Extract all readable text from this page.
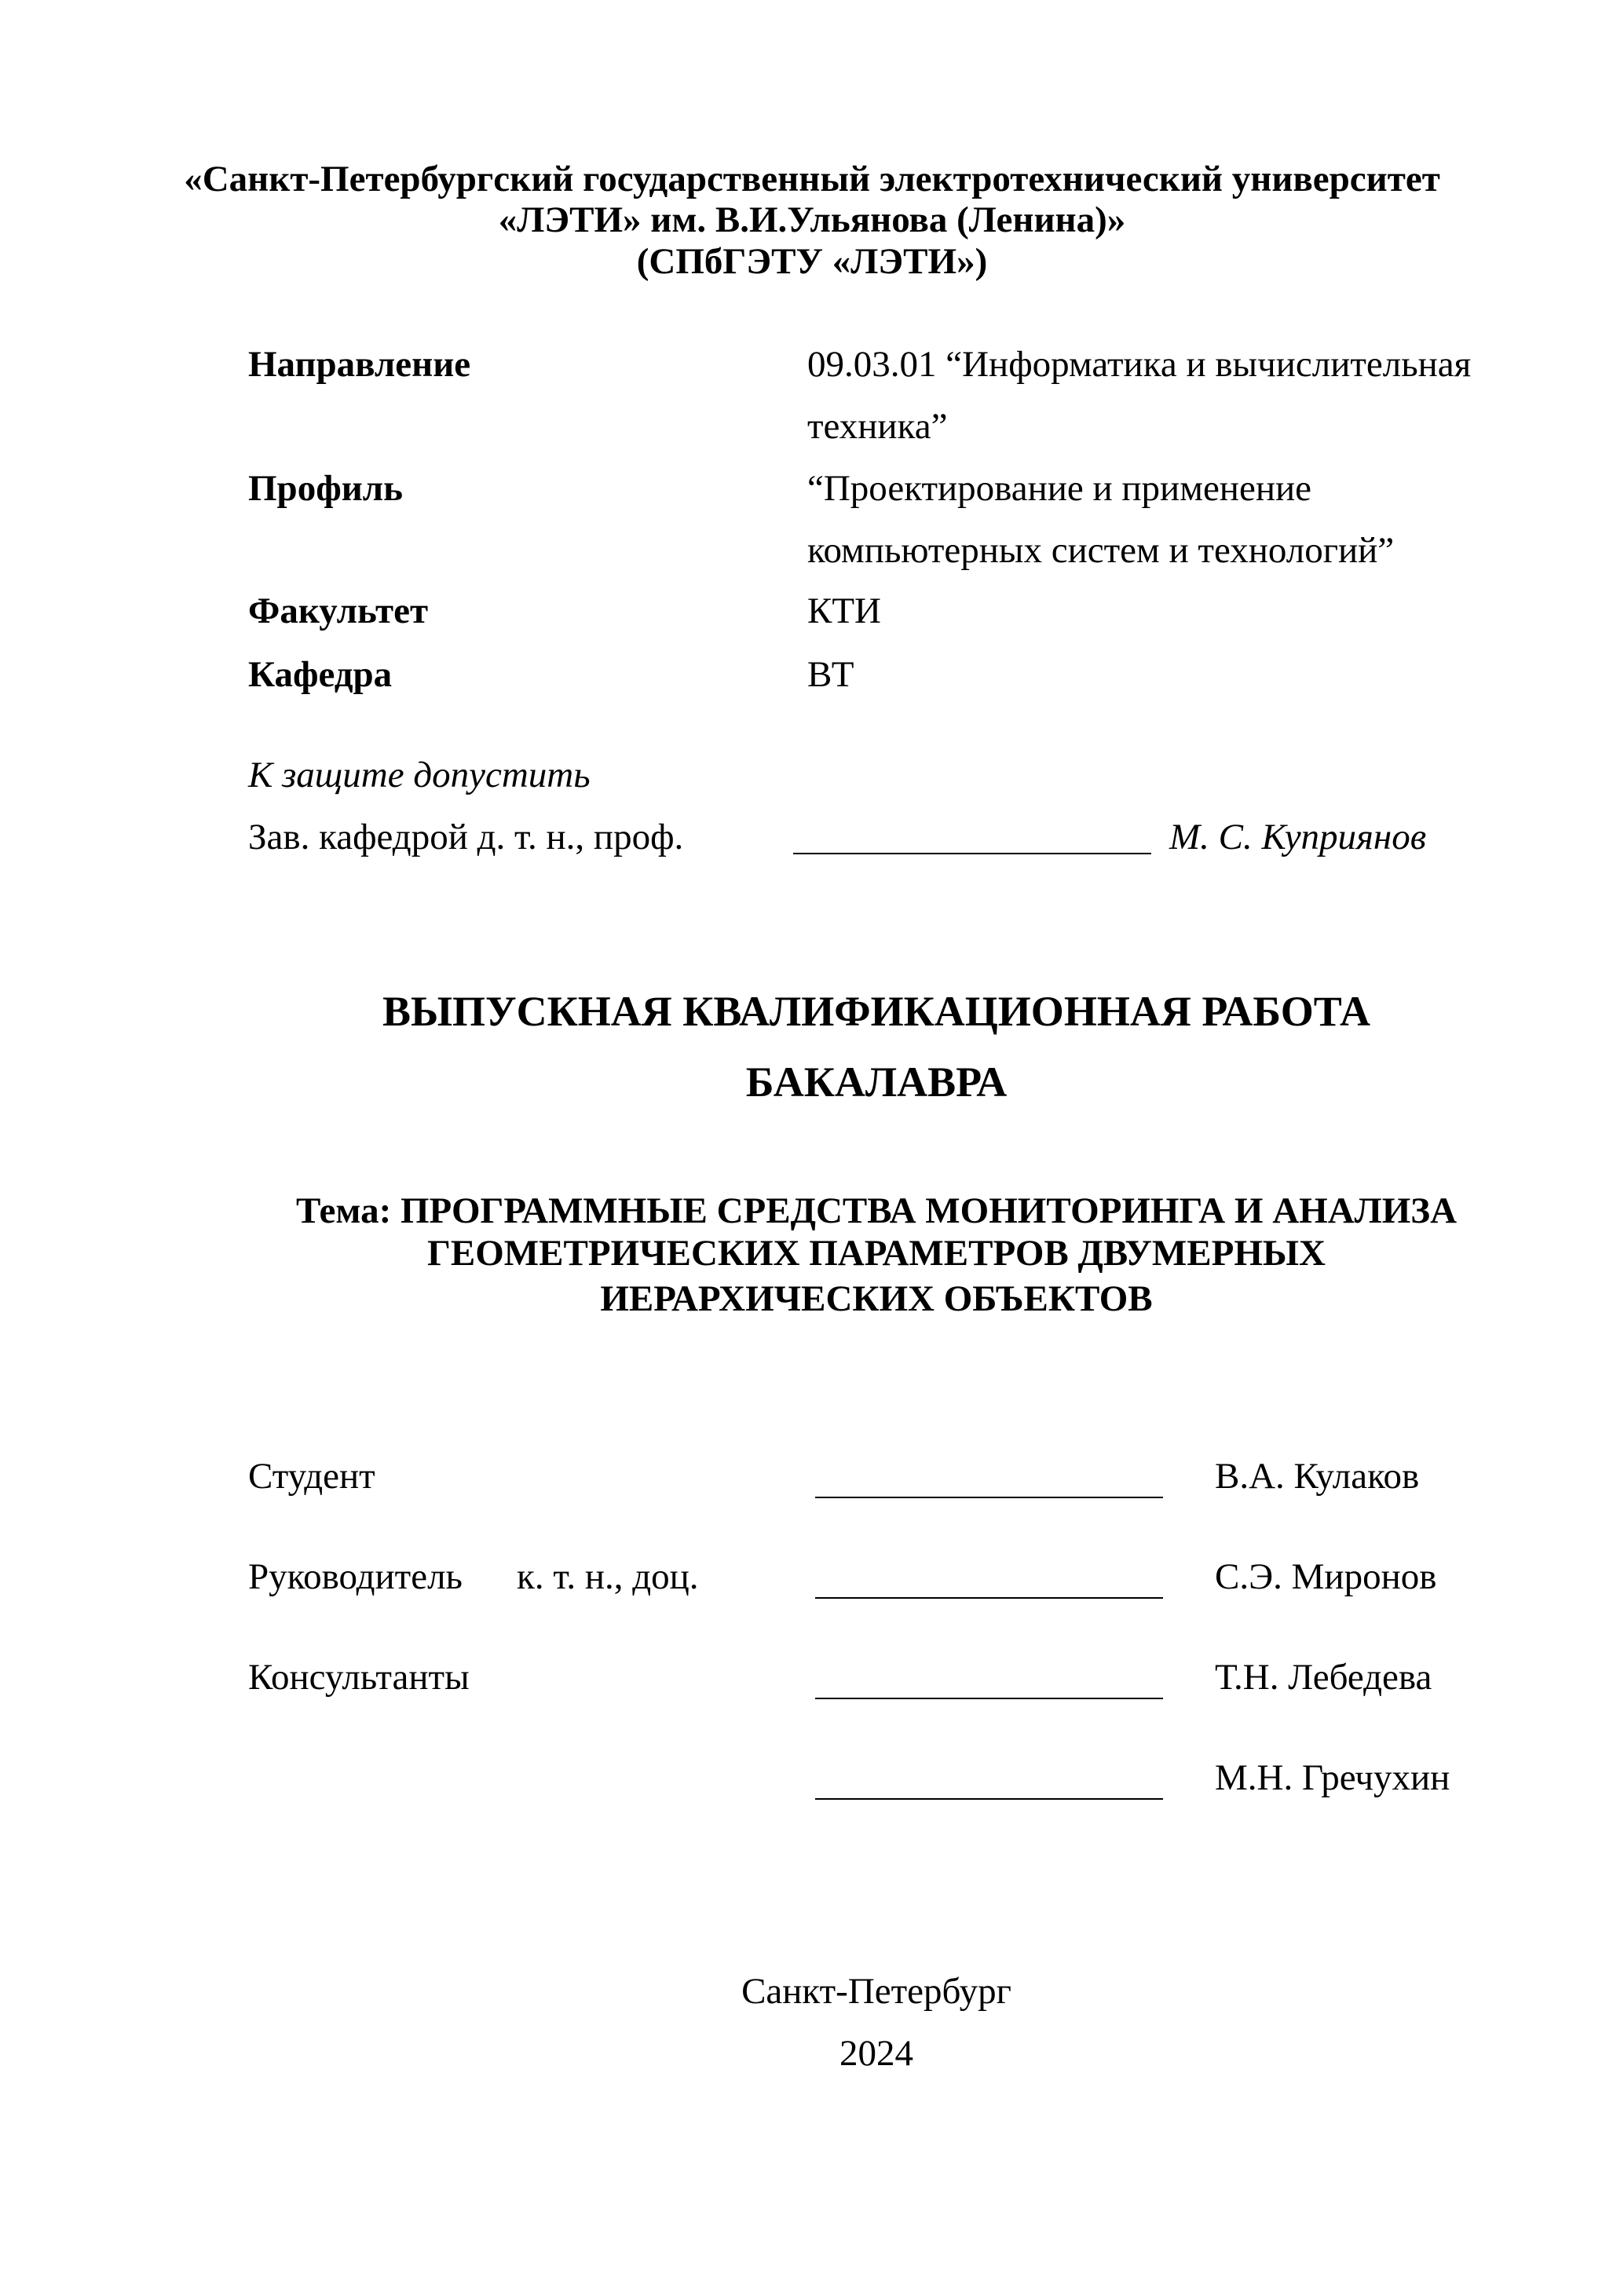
«Санкт-Петербургский государственный электротехнический университет
«ЛЭТИ» им. В.И.Ульянова (Ленина)»
(СПбГЭТУ «ЛЭТИ»)
Направление	09.03.01 “Информатика и вычислительная
техника”
Профиль	“Проектирование и применение
компьютерных систем и технологий”
Факультет	КТИ
Кафедра	ВТ
К защите допустить
Зав. кафедрой д. т. н., проф.	М. С. Куприянов
ВЫПУСКНАЯ КВАЛИФИКАЦИОННАЯ РАБОТА
БАКАЛАВРА
Тема: ПРОГРАММНЫЕ СРЕДСТВА МОНИТОРИНГА И АНАЛИЗА
ГЕОМЕТРИЧЕСКИХ ПАРАМЕТРОВ ДВУМЕРНЫХ
ИЕРАРХИЧЕСКИХ ОБЪЕКТОВ
Студент	В.А. Кулаков
Руководитель к. т. н., доц.	С.Э. Миронов
Консультанты	Т.Н. Лебедева
М.Н. Гречухин
Санкт-Петербург
2024
